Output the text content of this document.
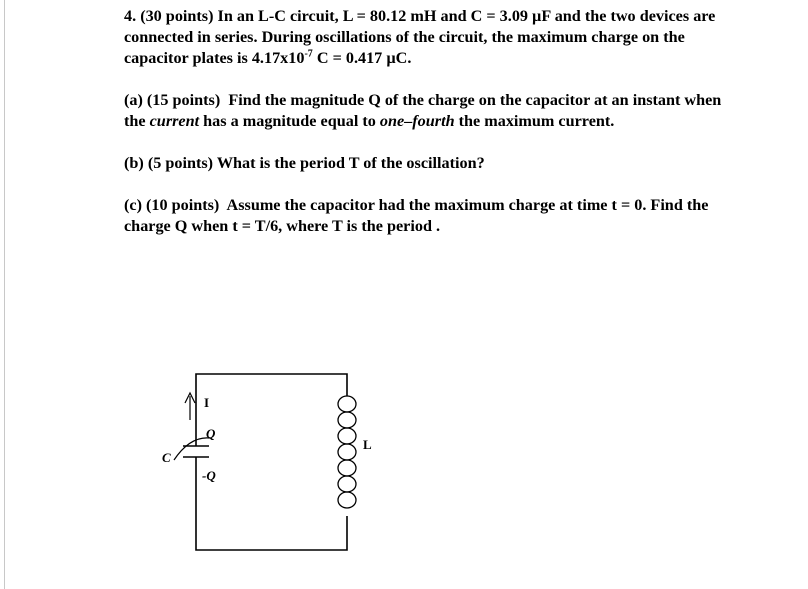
4. (30 points) In an L-C circuit, L = 80.12 mH and C = 3.09 µF and the two devices are connected in series. During oscillations of the circuit, the maximum charge on the capacitor plates is $4.17x10^{-7}$ C = 0.417 µC.

(a) (15 points) Find the magnitude Q of the charge on the capacitor at an instant when the current has a magnitude equal to one–fourth the maximum current.

(b) (5 points) What is the period T of the oscillation?

(c) (10 points) Assume the capacitor had the maximum charge at time t = 0. Find the charge Q when t = T/6, where T is the period .

I
Q
-Q
C
L
